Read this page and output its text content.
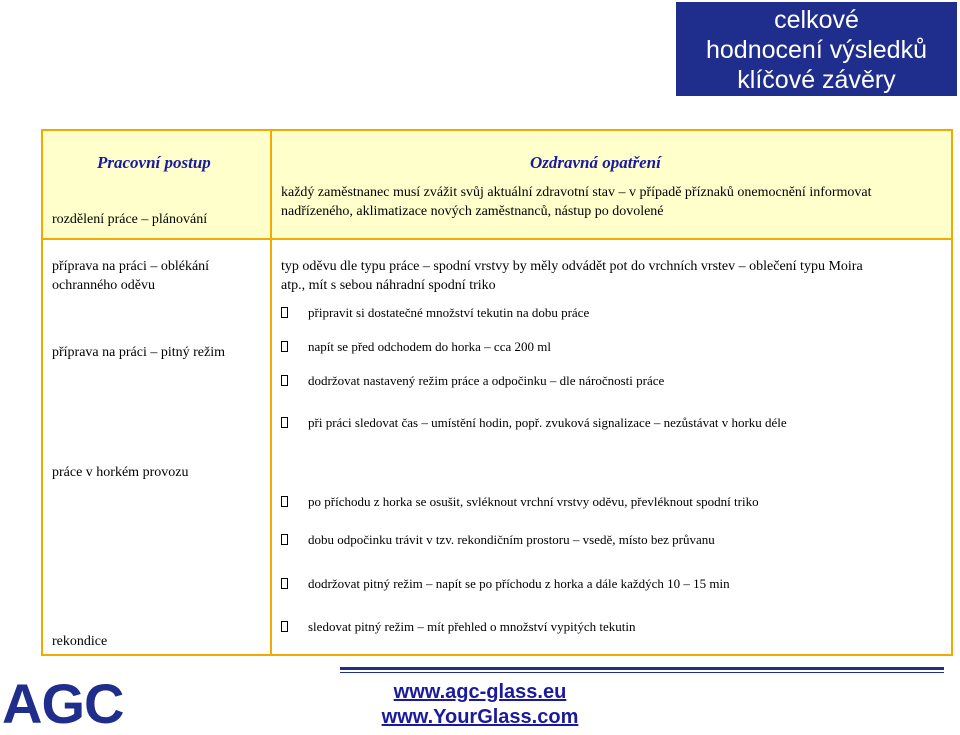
celkové
hodnocení výsledků
klíčové závěry
Pracovní postup	Ozdravná opatření
rozdělení práce – plánování
každý zaměstnanec musí zvážit svůj aktuální zdravotní stav – v případě příznaků onemocnění informovat
nadřízeného, aklimatizace nových zaměstnanců, nástup po dovolené
příprava na práci – oblékání
ochranného oděvu
typ oděvu dle typu práce – spodní vrstvy by měly odvádět pot do vrchních vrstev – oblečení typu Moira
atp., mít s sebou náhradní spodní triko
příprava na práci – pitný režim
připravit si dostatečné množství tekutin na dobu práce
napít se před odchodem do horka – cca 200 ml
práce v horkém provozu
dodržovat nastavený režim práce a odpočinku – dle náročnosti práce
při práci sledovat čas – umístění hodin, popř. zvuková signalizace – nezůstávat v horku déle
rekondice
po příchodu z horka se osušit, svléknout vrchní vrstvy oděvu, převléknout spodní triko
dobu odpočinku trávit v tzv. rekondičním prostoru – vsedě, místo bez průvanu
dodržovat pitný režim – napít se po příchodu z horka a dále každých 10 – 15 min
sledovat pitný režim – mít přehled o množství vypitých tekutin
AGC	www.agc-glass.eu
www.YourGlass.com
